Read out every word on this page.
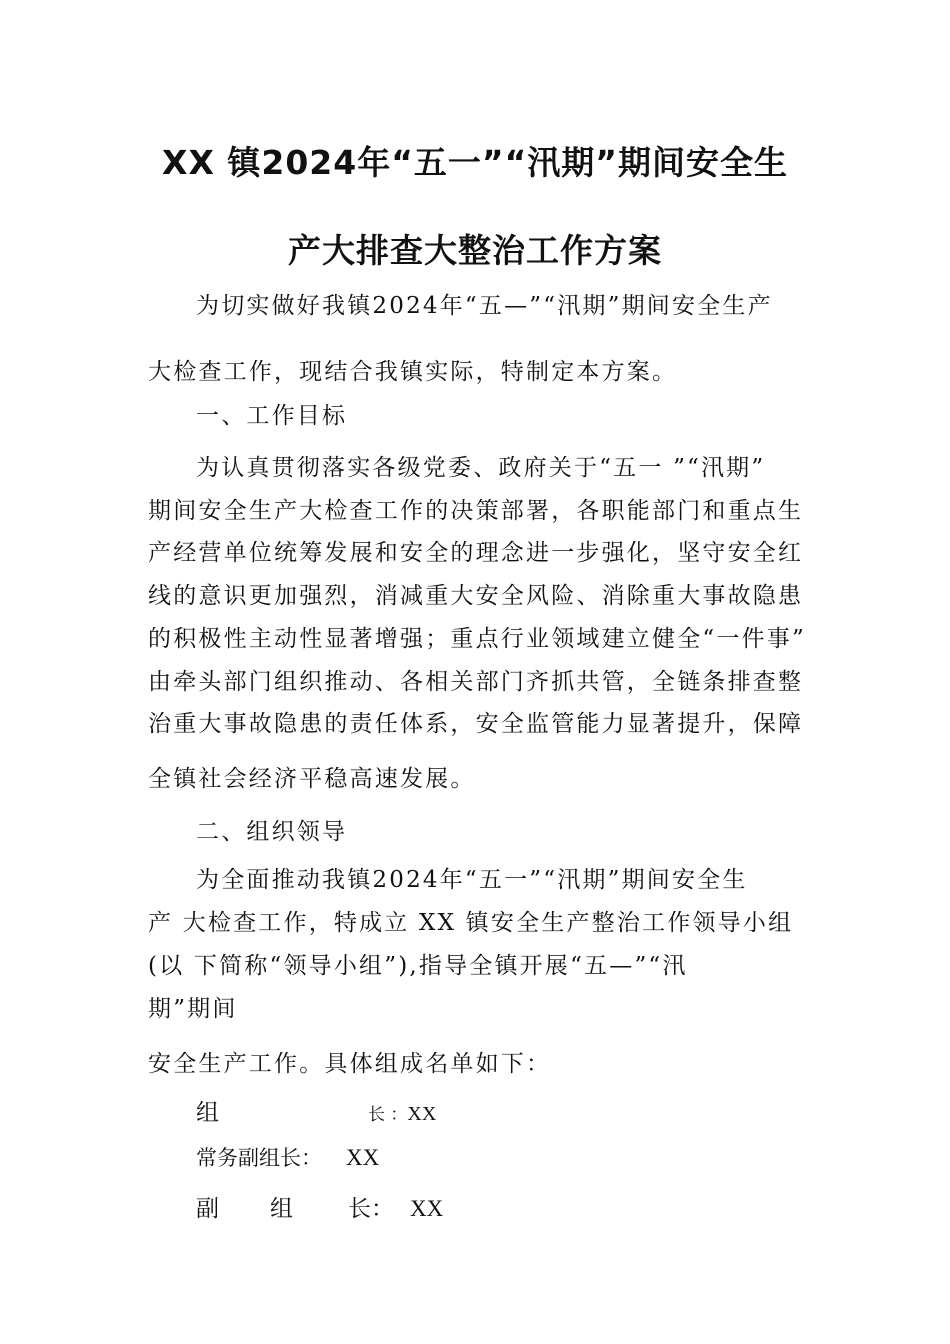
XX 镇2024年“五一”“汛期”期间安全生
产大排查大整治工作方案
为切实做好我镇2024年“五—”“汛期”期间安全生产
大检查工作，现结合我镇实际，特制定本方案。
一、工作目标
为认真贯彻落实各级党委、政府关于“五一 ”“汛期”
期间安全生产大检查工作的决策部署，各职能部门和重点生
产经营单位统筹发展和安全的理念进一步强化，坚守安全红
线的意识更加强烈，消减重大安全风险、消除重大事故隐患
的积极性主动性显著增强；重点行业领域建立健全“一件事”
由牵头部门组织推动、各相关部门齐抓共管，全链条排查整
治重大事故隐患的责任体系，安全监管能力显著提升，保障
全镇社会经济平稳高速发展。
二、组织领导
为全面推动我镇2024年“五一”“汛期”期间安全生
产 大检查工作，特成立 XX 镇安全生产整治工作领导小组
(以 下简称“领导小组”),指导全镇开展“五—”“汛
期”期间
安全生产工作。具体组成名单如下：
组	长 ：XX
常务副组长： XX
副 组 长： XX
